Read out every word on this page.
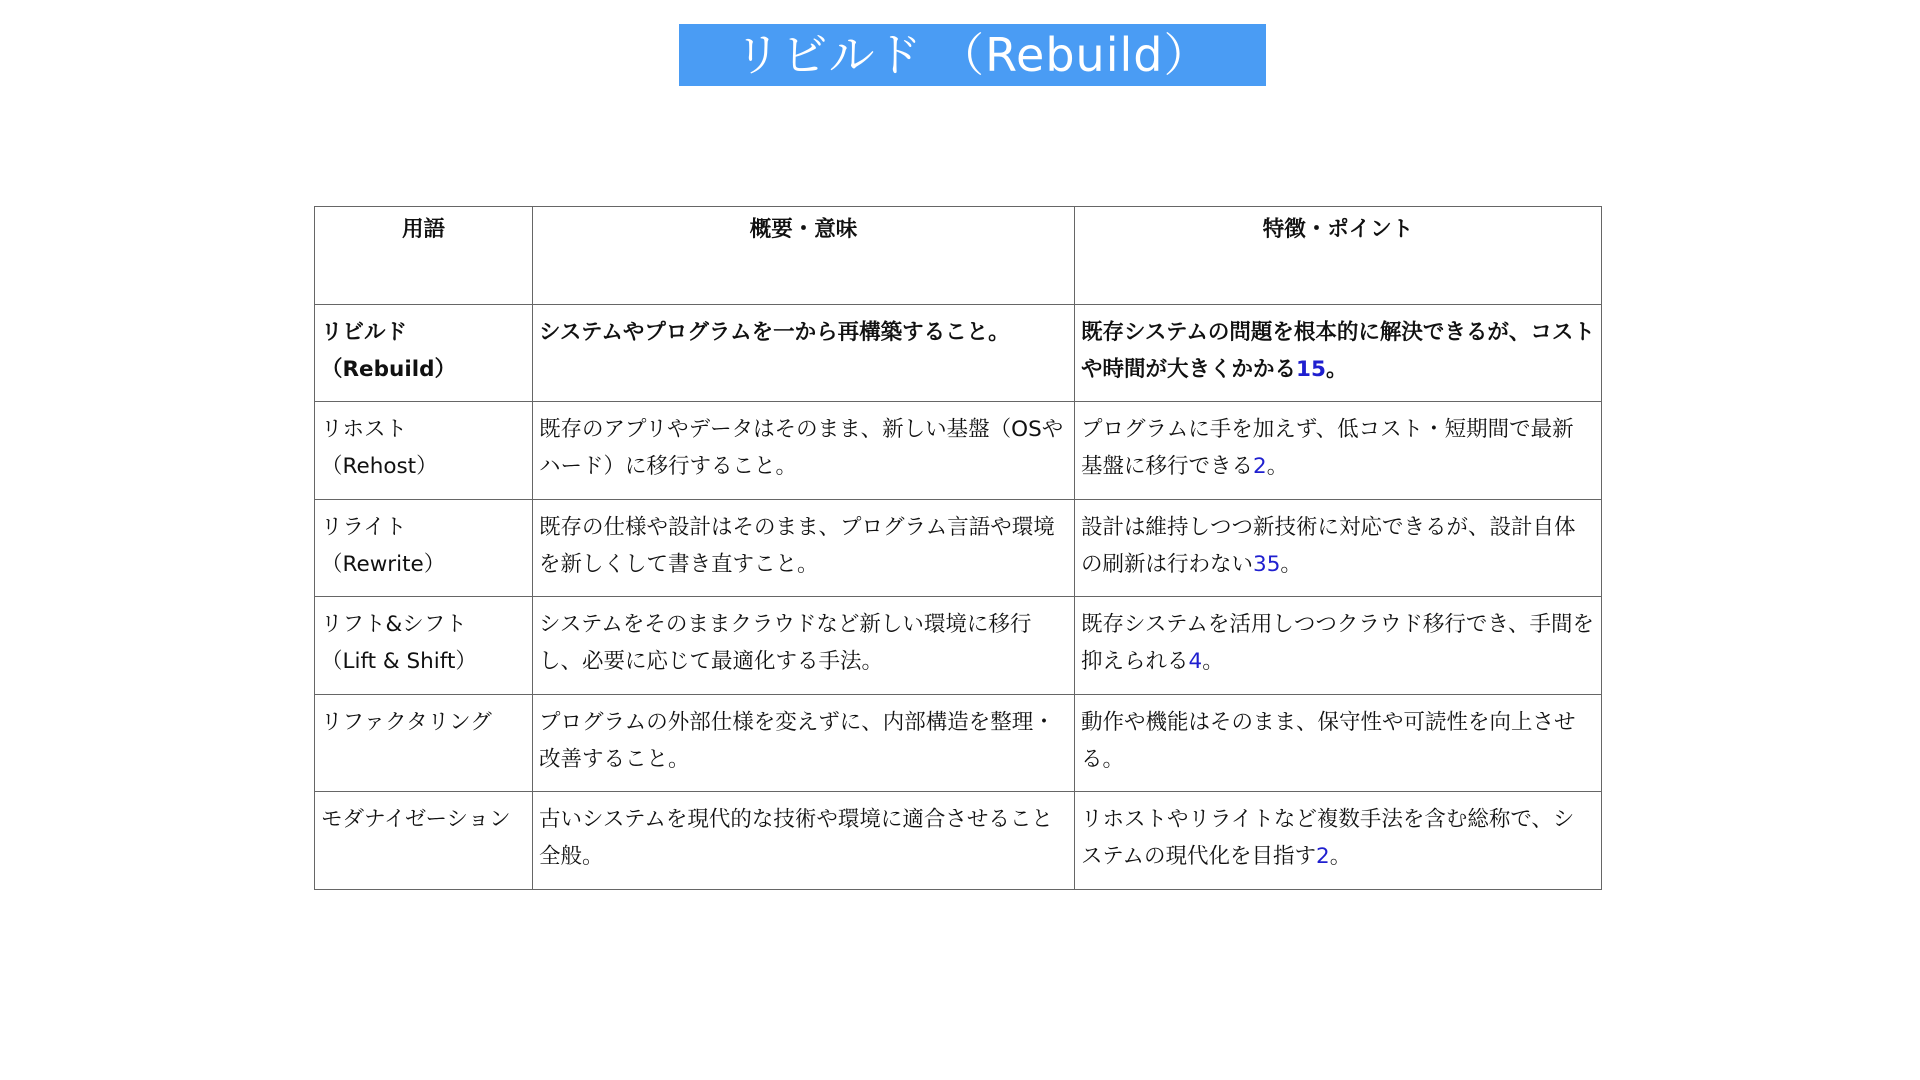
リビルド （Rebuild）
用語	概要・意味	特徴・ポイント
リビルド
（Rebuild）	システムやプログラムを一から再構築すること。	既存システムの問題を根本的に解決できるが、コストや時間が大きくかかる15。
リホスト
（Rehost）	既存のアプリやデータはそのまま、新しい基盤（OSやハード）に移行すること。	プログラムに手を加えず、低コスト・短期間で最新基盤に移行できる2。
リライト
（Rewrite）	既存の仕様や設計はそのまま、プログラム言語や環境を新しくして書き直すこと。	設計は維持しつつ新技術に対応できるが、設計自体の刷新は行わない35。
リフト&シフト
（Lift & Shift）	システムをそのままクラウドなど新しい環境に移行し、必要に応じて最適化する手法。	既存システムを活用しつつクラウド移行でき、手間を抑えられる4。
リファクタリング	プログラムの外部仕様を変えずに、内部構造を整理・改善すること。	動作や機能はそのまま、保守性や可読性を向上させる。
モダナイゼーション	古いシステムを現代的な技術や環境に適合させること全般。	リホストやリライトなど複数手法を含む総称で、システムの現代化を目指す2。
